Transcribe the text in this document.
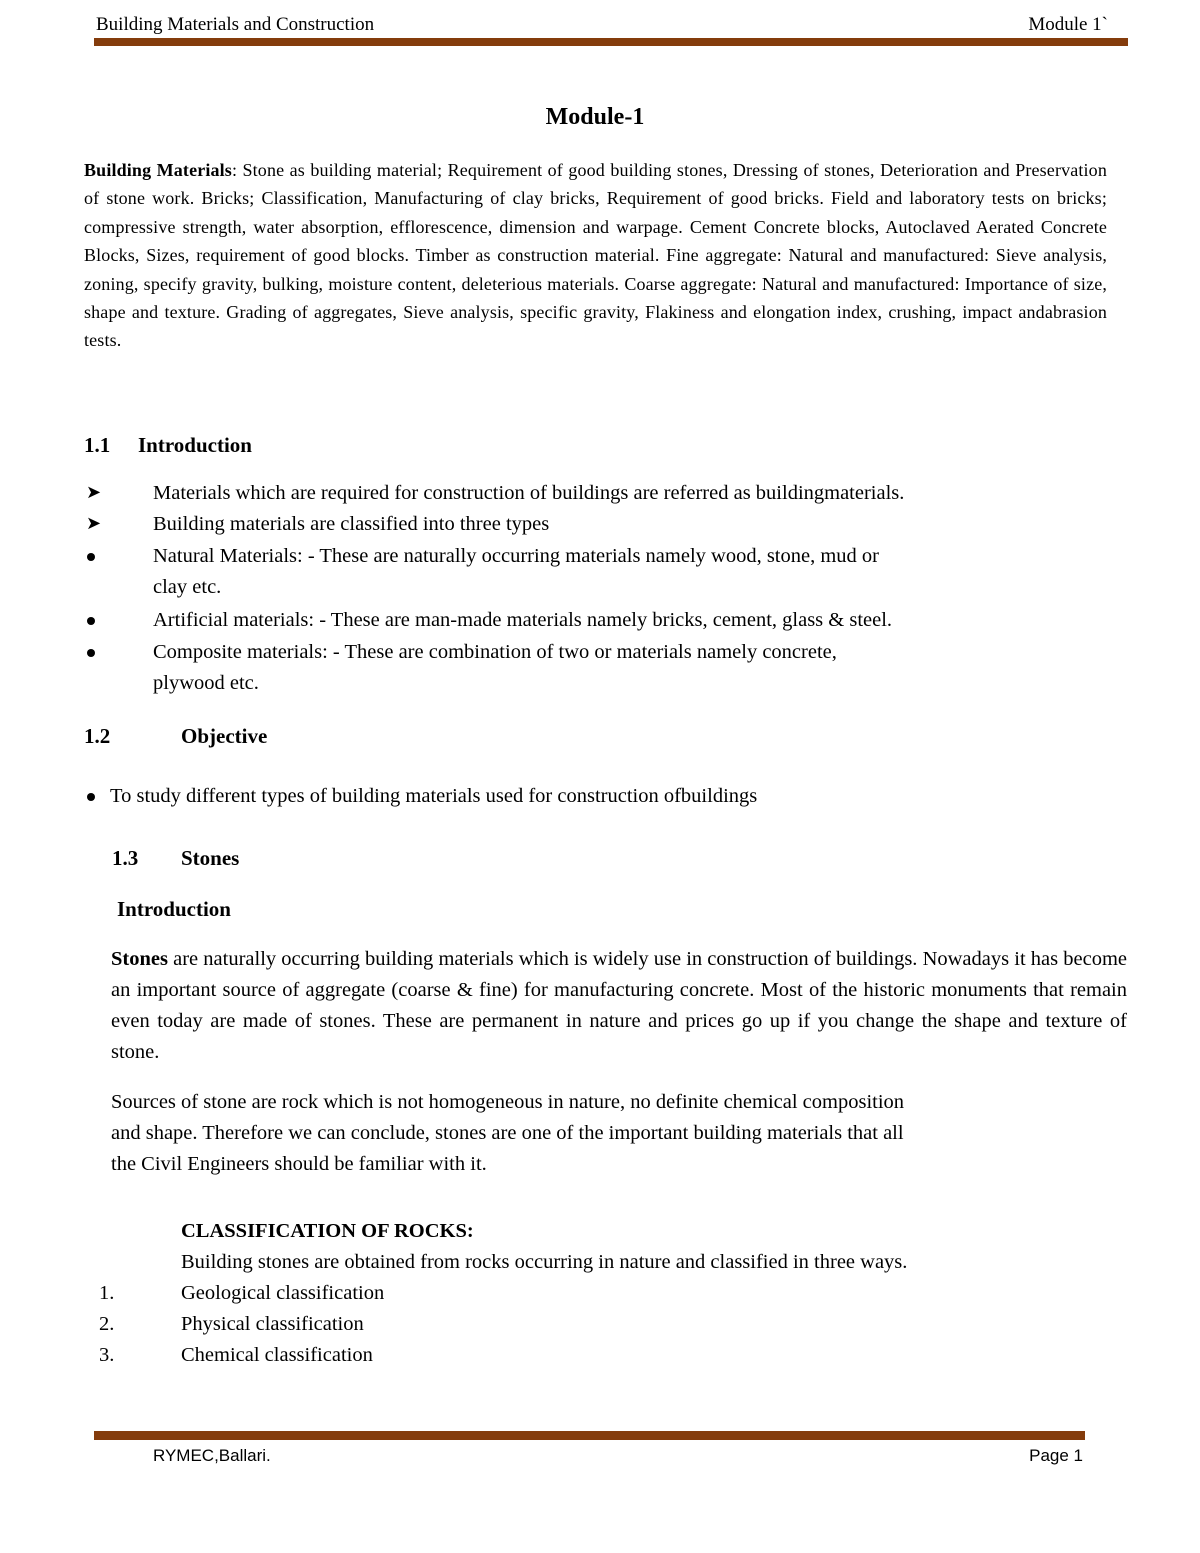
Building Materials and Construction	Module 1`
Module-1
Building Materials: Stone as building material; Requirement of good building stones, Dressing of stones, Deterioration and Preservation of stone work. Bricks; Classification, Manufacturing of clay bricks, Requirement of good bricks. Field and laboratory tests on bricks; compressive strength, water absorption, efflorescence, dimension and warpage. Cement Concrete blocks, Autoclaved Aerated Concrete Blocks, Sizes, requirement of good blocks. Timber as construction material. Fine aggregate: Natural and manufactured: Sieve analysis, zoning, specify gravity, bulking, moisture content, deleterious materials. Coarse aggregate: Natural and manufactured: Importance of size, shape and texture. Grading of aggregates, Sieve analysis, specific gravity, Flakiness and elongation index, crushing, impact andabrasion tests.
1.1 Introduction
➤	Materials which are required for construction of buildings are referred as buildingmaterials.
➤	Building materials are classified into three types
Natural Materials: - These are naturally occurring materials namely wood, stone, mud or
clay etc.
Artificial materials: - These are man-made materials namely bricks, cement, glass & steel.
Composite materials: - These are combination of two or materials namely concrete,
plywood etc.
1.2	Objective
To study different types of building materials used for construction ofbuildings
1.3 Stones
Introduction
Stones are naturally occurring building materials which is widely use in construction of buildings. Nowadays it has become an important source of aggregate (coarse & fine) for manufacturing concrete. Most of the historic monuments that remain even today are made of stones. These are permanent in nature and prices go up if you change the shape and texture of stone.
Sources of stone are rock which is not homogeneous in nature, no definite chemical composition
and shape. Therefore we can conclude, stones are one of the important building materials that all
the Civil Engineers should be familiar with it.
CLASSIFICATION OF ROCKS:
Building stones are obtained from rocks occurring in nature and classified in three ways.
1.	Geological classification
2.	Physical classification
3.	Chemical classification
RYMEC,Ballari.	Page 1
